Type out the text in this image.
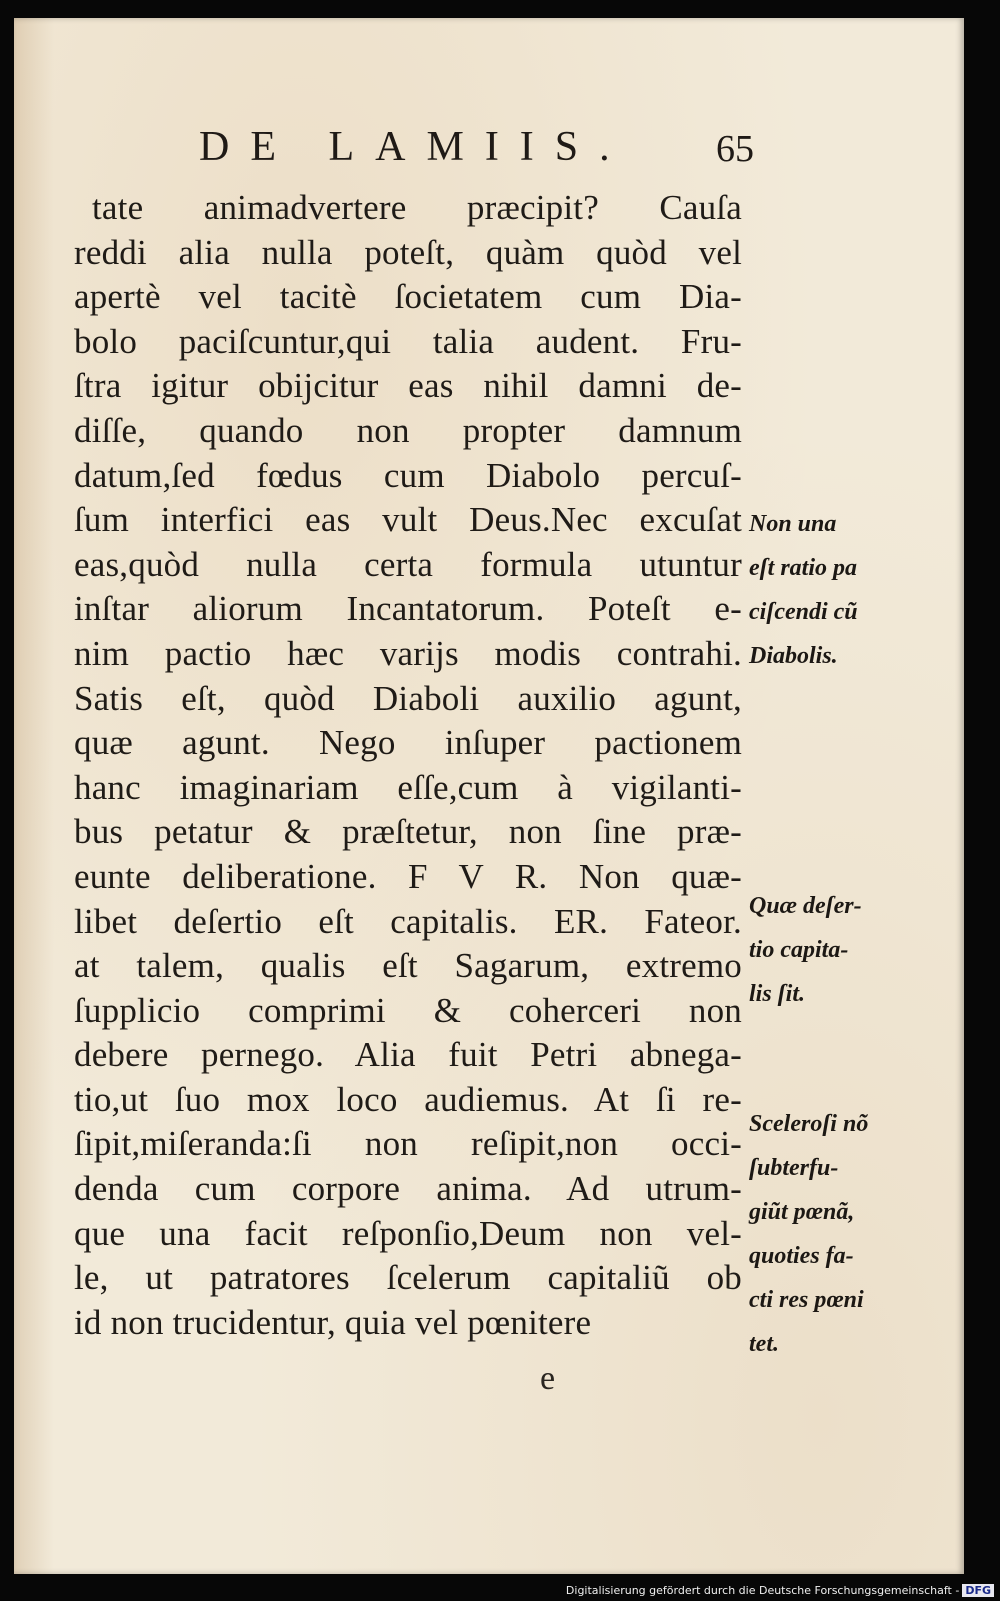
DE LAMIIS. 65
tate animadvertere præcipit? Cauſa
reddi alia nulla poteſt, quàm quòd vel
apertè vel tacitè ſocietatem cum Dia-
bolo paciſcuntur,qui talia audent. Fru-
ſtra igitur obijcitur eas nihil damni de-
diſſe, quando non propter damnum
datum,ſed fœdus cum Diabolo percuſ-
ſum interfici eas vult Deus.Nec excuſat
eas,quòd nulla certa formula utuntur
inſtar aliorum Incantatorum. Poteſt e-
nim pactio hæc varijs modis contrahi.
Satis eſt, quòd Diaboli auxilio agunt,
quæ agunt. Nego inſuper pactionem
hanc imaginariam eſſe,cum à vigilanti-
bus petatur & præſtetur, non ſine præ-
eunte deliberatione. F V R. Non quæ-
libet deſertio eſt capitalis. ER. Fateor.
at talem, qualis eſt Sagarum, extremo
ſupplicio comprimi & coherceri non
debere pernego. Alia fuit Petri abnega-
tio,ut ſuo mox loco audiemus. At ſi re-
ſipit,miſeranda:ſi non reſipit,non occi-
denda cum corpore anima. Ad utrum-
que una facit reſponſio,Deum non vel-
le, ut patratores ſcelerum capitaliũ ob
id non trucidentur, quia vel pœnitere
Non una
eſt ratio pa
ciſcendi cũ
Diabolis.
Quæ deſer-
tio capita-
lis ſit.
Sceleroſi nõ
ſubterfu-
giũt pœnã,
quoties fa-
cti res pœni
tet.
e
Digitalisierung gefördert durch die Deutsche Forschungsgemeinschaft - DFG
